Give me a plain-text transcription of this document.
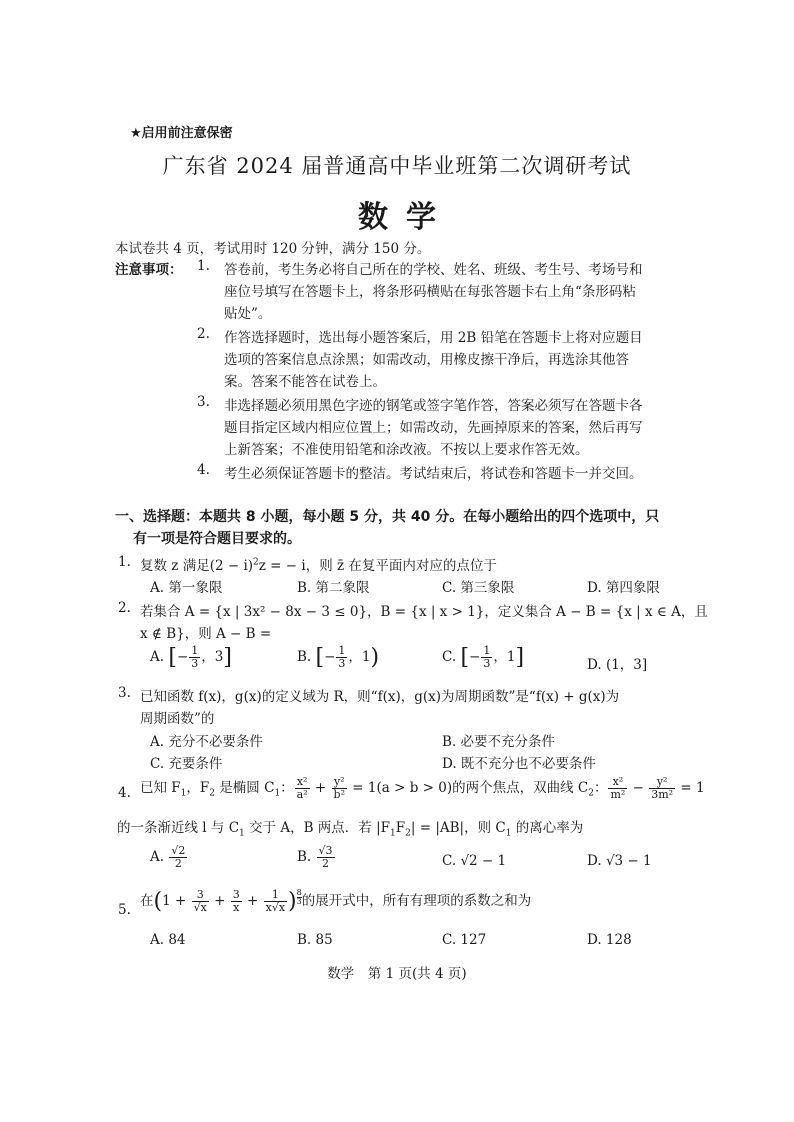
★启用前注意保密
广东省 2024 届普通高中毕业班第二次调研考试
数学
本试卷共 4 页，考试用时 120 分钟，满分 150 分。
注意事项： 1. 答卷前，考生务必将自己所在的学校、姓名、班级、考生号、考场号和
座位号填写在答题卡上，将条形码横贴在每张答题卡右上角“条形码粘
贴处”。
2. 作答选择题时，选出每小题答案后，用 2B 铅笔在答题卡上将对应题目
选项的答案信息点涂黑；如需改动，用橡皮擦干净后，再选涂其他答
案。答案不能答在试卷上。
3. 非选择题必须用黑色字迹的钢笔或签字笔作答，答案必须写在答题卡各
题目指定区域内相应位置上；如需改动，先画掉原来的答案，然后再写
上新答案；不准使用铅笔和涂改液。不按以上要求作答无效。
4. 考生必须保证答题卡的整洁。考试结束后，将试卷和答题卡一并交回。
一、选择题：本题共 8 小题，每小题 5 分，共 40 分。在每小题给出的四个选项中，只
有一项是符合题目要求的。
1. 复数 z 满足$(2 - i)^2z$ = − i，则 z̄ 在复平面内对应的点位于
A. 第一象限	B. 第二象限	C. 第三象限	D. 第四象限
2. 若集合 A = {x | 3x² − 8x − 3 ≤ 0}，B = {x | x > 1}，定义集合 A − B = {x | x ∈ A，且
x ∉ B}，则 A − B =
A. [− $\frac{1}{3}$ ，3]	B. [− $\frac{1}{3}$ ，1)	C. [− $\frac{1}{3}$ ，1]	D. (1，3]
3. 已知函数 f(x)，g(x)的定义域为 R，则“f(x)，g(x)为周期函数”是“f(x) + g(x)为
周期函数”的
A. 充分不必要条件	B. 必要不充分条件
C. 充要条件	D. 既不充分也不必要条件
4. 已知 $F_1$，$F_2$ 是椭圆 $C_1$： $\frac{\text{x²}}{\text{a²}} + \frac{\text{y²}}{\text{b²}} = 1(a > b > 0)$的两个焦点，双曲线 $C_2$： $\frac{\text{x²}}{\text{m²}} - \frac{\text{y²}}{\text{3m²}} = 1$
的一条渐近线 l 与 $C_1$ 交于 A，B 两点．若 $|F_1F_2| = |AB|$，则 $C_1$ 的离心率为
A. $\frac{√2}{2}$	B. $\frac{√3}{2}$	C. √2 − 1	D. √3 − 1
5.
在($1 + \frac{3}{√x} + \frac{3}{x} + \frac{1}{x√x}$ ) $^{\frac{8}{3}}$ 的展开式中，所有有理项的系数之和为
A. 84	B. 85	C. 127	D. 128
数学　第 1 页(共 4 页)
